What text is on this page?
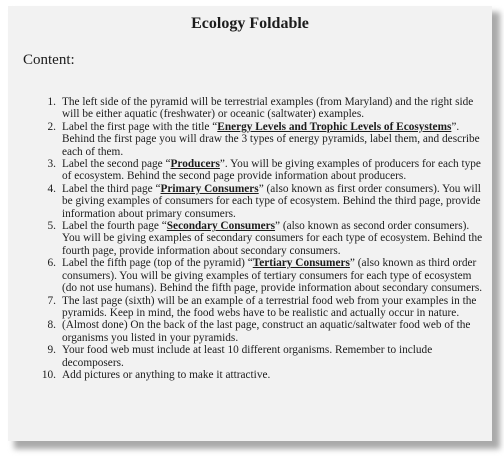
Ecology Foldable
Content:
1. The left side of the pyramid will be terrestrial examples (from Maryland) and the right side will be either aquatic (freshwater) or oceanic (saltwater) examples.
2. Label the first page with the title “Energy Levels and Trophic Levels of Ecosystems”. Behind the first page you will draw the 3 types of energy pyramids, label them, and describe each of them.
3. Label the second page “Producers”. You will be giving examples of producers for each type of ecosystem. Behind the second page provide information about producers.
4. Label the third page “Primary Consumers” (also known as first order consumers). You will be giving examples of consumers for each type of ecosystem. Behind the third page, provide information about primary consumers.
5. Label the fourth page “Secondary Consumers” (also known as second order consumers). You will be giving examples of secondary consumers for each type of ecosystem. Behind the fourth page, provide information about secondary consumers.
6. Label the fifth page (top of the pyramid) “Tertiary Consumers” (also known as third order consumers). You will be giving examples of tertiary consumers for each type of ecosystem (do not use humans). Behind the fifth page, provide information about secondary consumers.
7. The last page (sixth) will be an example of a terrestrial food web from your examples in the pyramids. Keep in mind, the food webs have to be realistic and actually occur in nature.
8. (Almost done) On the back of the last page, construct an aquatic/saltwater food web of the organisms you listed in your pyramids.
9. Your food web must include at least 10 different organisms. Remember to include decomposers.
10. Add pictures or anything to make it attractive.
